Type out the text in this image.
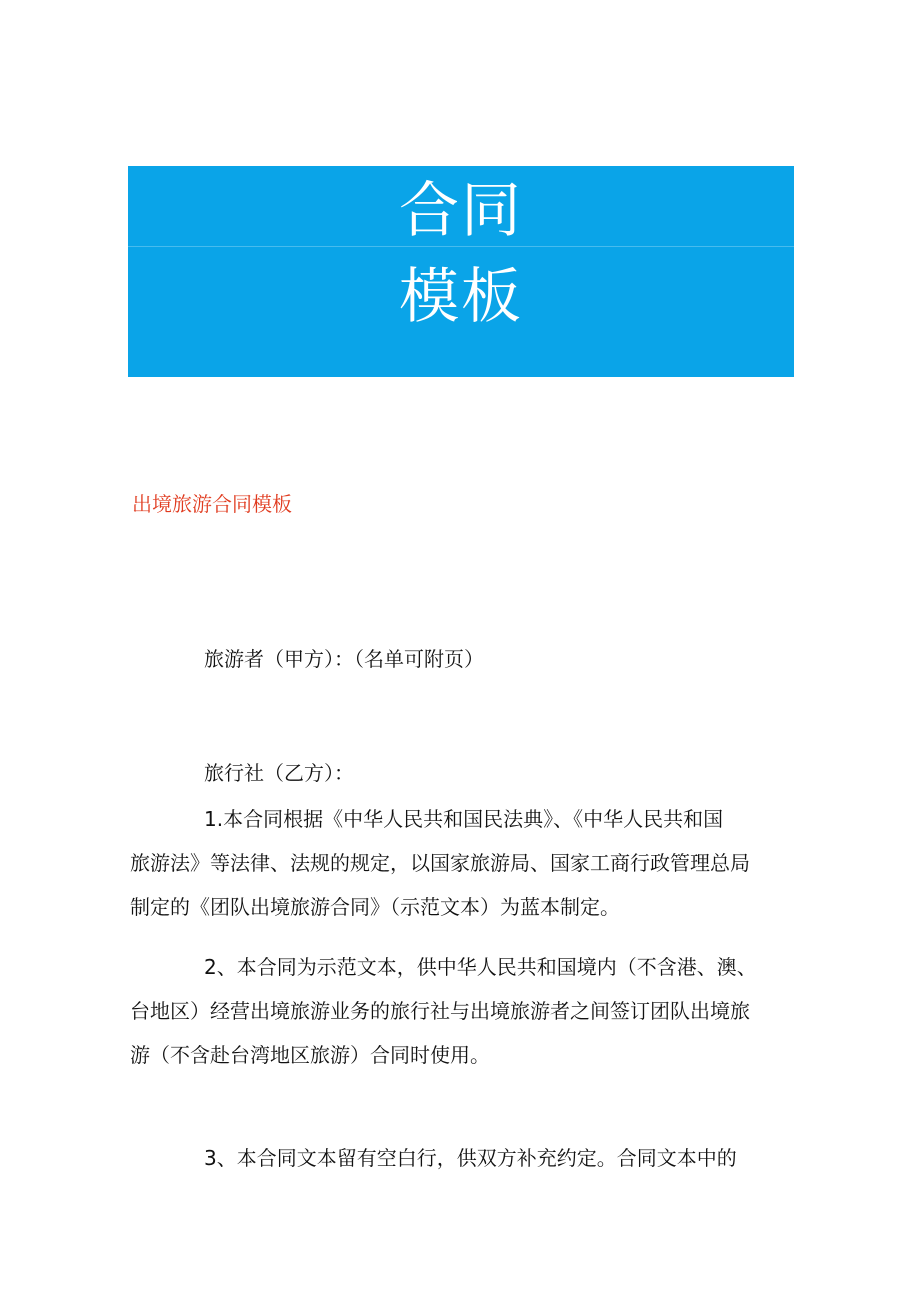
合同
模板
出境旅游合同模板
旅游者（甲方）：（名单可附页）
旅行社（乙方）：
1.本合同根据《中华人民共和国民法典》、《中华人民共和国
旅游法》等法律、法规的规定，以国家旅游局、国家工商行政管理总局
制定的《团队出境旅游合同》（示范文本）为蓝本制定。
2、本合同为示范文本，供中华人民共和国境内（不含港、澳、
台地区）经营出境旅游业务的旅行社与出境旅游者之间签订团队出境旅
游（不含赴台湾地区旅游）合同时使用。
3、本合同文本留有空白行，供双方补充约定。合同文本中的
